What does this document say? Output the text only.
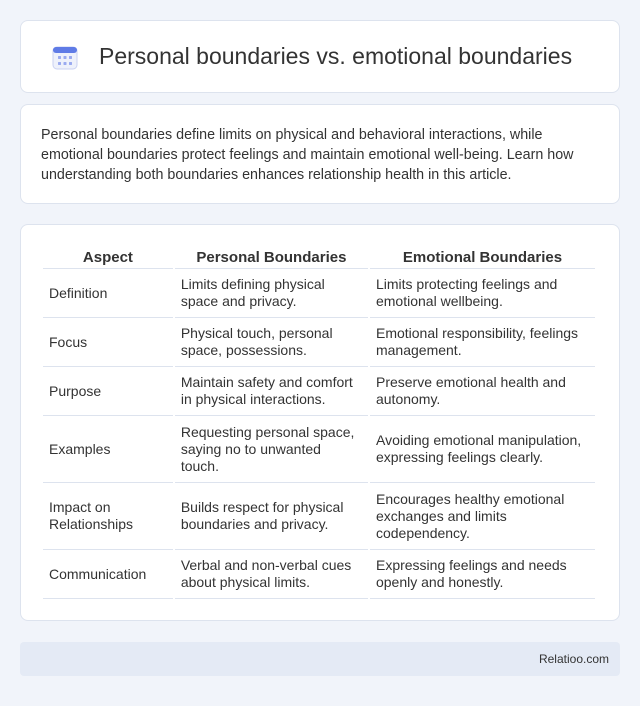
Personal boundaries vs. emotional boundaries

Personal boundaries define limits on physical and behavioral interactions, while emotional boundaries protect feelings and maintain emotional well-being. Learn how understanding both boundaries enhances relationship health in this article.

Aspect	Personal Boundaries	Emotional Boundaries
Definition	Limits defining physical space and privacy.	Limits protecting feelings and emotional wellbeing.
Focus	Physical touch, personal space, possessions.	Emotional responsibility, feelings management.
Purpose	Maintain safety and comfort in physical interactions.	Preserve emotional health and autonomy.
Examples	Requesting personal space, saying no to unwanted touch.	Avoiding emotional manipulation, expressing feelings clearly.
Impact on Relationships	Builds respect for physical boundaries and privacy.	Encourages healthy emotional exchanges and limits codependency.
Communication	Verbal and non-verbal cues about physical limits.	Expressing feelings and needs openly and honestly.
Relatioo.com
